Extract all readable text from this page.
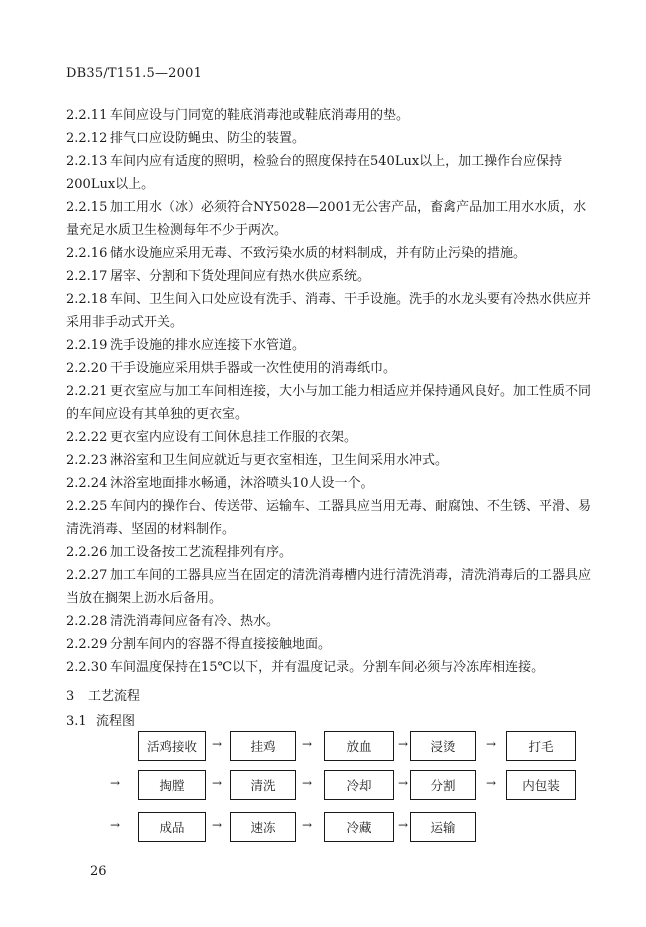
DB35/T151.5—2001

2.2.11 车间应设与门同宽的鞋底消毒池或鞋底消毒用的垫。

2.2.12 排气口应设防蝇虫、防尘的装置。

2.2.13 车间内应有适度的照明，检验台的照度保持在540Lux以上，加工操作台应保持200Lux以上。

2.2.15 加工用水（冰）必须符合NY5028—2001无公害产品，畜禽产品加工用水水质，水量充足水质卫生检测每年不少于两次。

2.2.16 储水设施应采用无毒、不致污染水质的材料制成，并有防止污染的措施。

2.2.17 屠宰、分割和下货处理间应有热水供应系统。

2.2.18 车间、卫生间入口处应设有洗手、消毒、干手设施。洗手的水龙头要有冷热水供应并采用非手动式开关。

2.2.19 洗手设施的排水应连接下水管道。

2.2.20 干手设施应采用烘手器或一次性使用的消毒纸巾。

2.2.21 更衣室应与加工车间相连接，大小与加工能力相适应并保持通风良好。加工性质不同的车间应设有其单独的更衣室。

2.2.22 更衣室内应设有工间休息挂工作服的衣架。

2.2.23 淋浴室和卫生间应就近与更衣室相连，卫生间采用水冲式。

2.2.24 沐浴室地面排水畅通，沐浴喷头10人设一个。

2.2.25 车间内的操作台、传送带、运输车、工器具应当用无毒、耐腐蚀、不生锈、平滑、易清洗消毒、坚固的材料制作。

2.2.26 加工设备按工艺流程排列有序。

2.2.27 加工车间的工器具应当在固定的清洗消毒槽内进行清洗消毒，清洗消毒后的工器具应当放在搁架上沥水后备用。

2.2.28 清洗消毒间应备有冷、热水。

2.2.29 分割车间内的容器不得直接接触地面。

2.2.30 车间温度保持在15℃以下，并有温度记录。分割车间必须与冷冻库相连接。

3 工艺流程
3.1 流程图
活鸡接收	→	挂鸡	→	放血	→	浸烫	→	打毛
→	掏膛	→	清洗	→	冷却	→	分割	→	内包装
→	成品	→	速冻	→	冷藏	→	运输
26
